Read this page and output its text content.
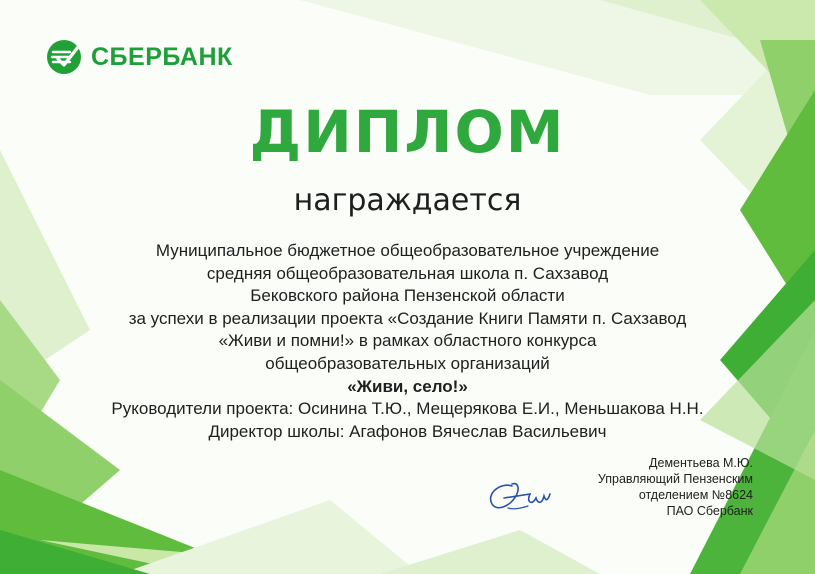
СБЕРБАНК
ДИПЛОМ
награждается
Муниципальное бюджетное общеобразовательное учреждение
средняя общеобразовательная школа п. Сахзавод
Бековского района Пензенской области
за успехи в реализации проекта «Создание Книги Памяти п. Сахзавод
«Живи и помни!» в рамках областного конкурса
общеобразовательных организаций
«Живи, село!»
Руководители проекта: Осинина Т.Ю., Мещерякова Е.И., Меньшакова Н.Н.
Директор школы: Агафонов Вячеслав Васильевич
Дементьева М.Ю.
Управляющий Пензенским
отделением №8624
ПАО Сбербанк
